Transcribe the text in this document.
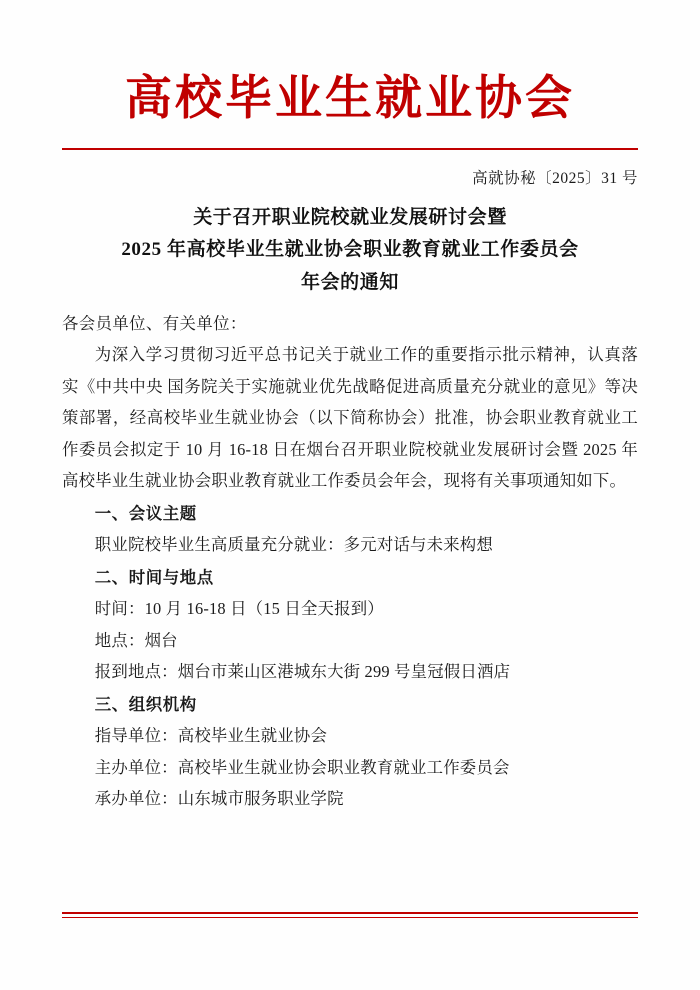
高校毕业生就业协会
高就协秘〔2025〕31 号
关于召开职业院校就业发展研讨会暨
2025 年高校毕业生就业协会职业教育就业工作委员会
年会的通知
各会员单位、有关单位：
为深入学习贯彻习近平总书记关于就业工作的重要指示批示精神，认真落实《中共中央 国务院关于实施就业优先战略促进高质量充分就业的意见》等决策部署，经高校毕业生就业协会（以下简称协会）批准，协会职业教育就业工作委员会拟定于 10 月 16-18 日在烟台召开职业院校就业发展研讨会暨 2025 年高校毕业生就业协会职业教育就业工作委员会年会，现将有关事项通知如下。
一、会议主题
职业院校毕业生高质量充分就业：多元对话与未来构想
二、时间与地点
时间：10 月 16-18 日（15 日全天报到）
地点：烟台
报到地点：烟台市莱山区港城东大街 299 号皇冠假日酒店
三、组织机构
指导单位：高校毕业生就业协会
主办单位：高校毕业生就业协会职业教育就业工作委员会
承办单位：山东城市服务职业学院
